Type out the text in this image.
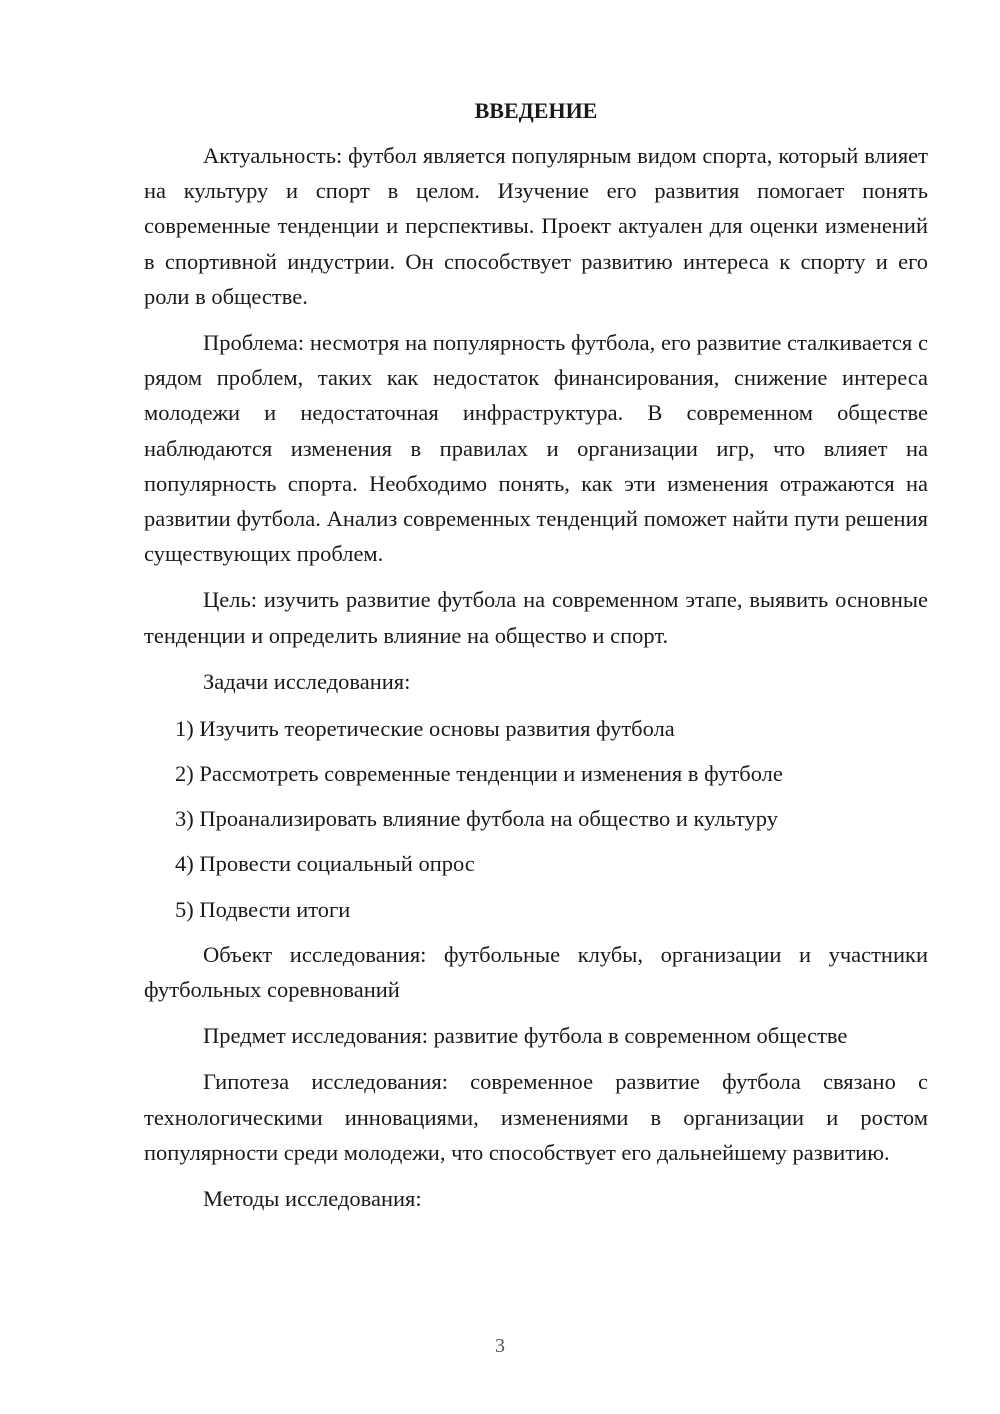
ВВЕДЕНИЕ

Актуальность: футбол является популярным видом спорта, который влияет на культуру и спорт в целом. Изучение его развития помогает понять современные тенденции и перспективы. Проект актуален для оценки изменений в спортивной индустрии. Он способствует развитию интереса к спорту и его роли в обществе.

Проблема: несмотря на популярность футбола, его развитие сталкивается с рядом проблем, таких как недостаток финансирования, снижение интереса молодежи и недостаточная инфраструктура. В современном обществе наблюдаются изменения в правилах и организации игр, что влияет на популярность спорта. Необходимо понять, как эти изменения отражаются на развитии футбола. Анализ современных тенденций поможет найти пути решения существующих проблем.

Цель: изучить развитие футбола на современном этапе, выявить основные тенденции и определить влияние на общество и спорт.

Задачи исследования:

1) Изучить теоретические основы развития футбола
2) Рассмотреть современные тенденции и изменения в футболе
3) Проанализировать влияние футбола на общество и культуру
4) Провести социальный опрос
5) Подвести итоги

Объект исследования: футбольные клубы, организации и участники футбольных соревнований

Предмет исследования: развитие футбола в современном обществе

Гипотеза исследования: современное развитие футбола связано с технологическими инновациями, изменениями в организации и ростом популярности среди молодежи, что способствует его дальнейшему развитию.

Методы исследования:

3
